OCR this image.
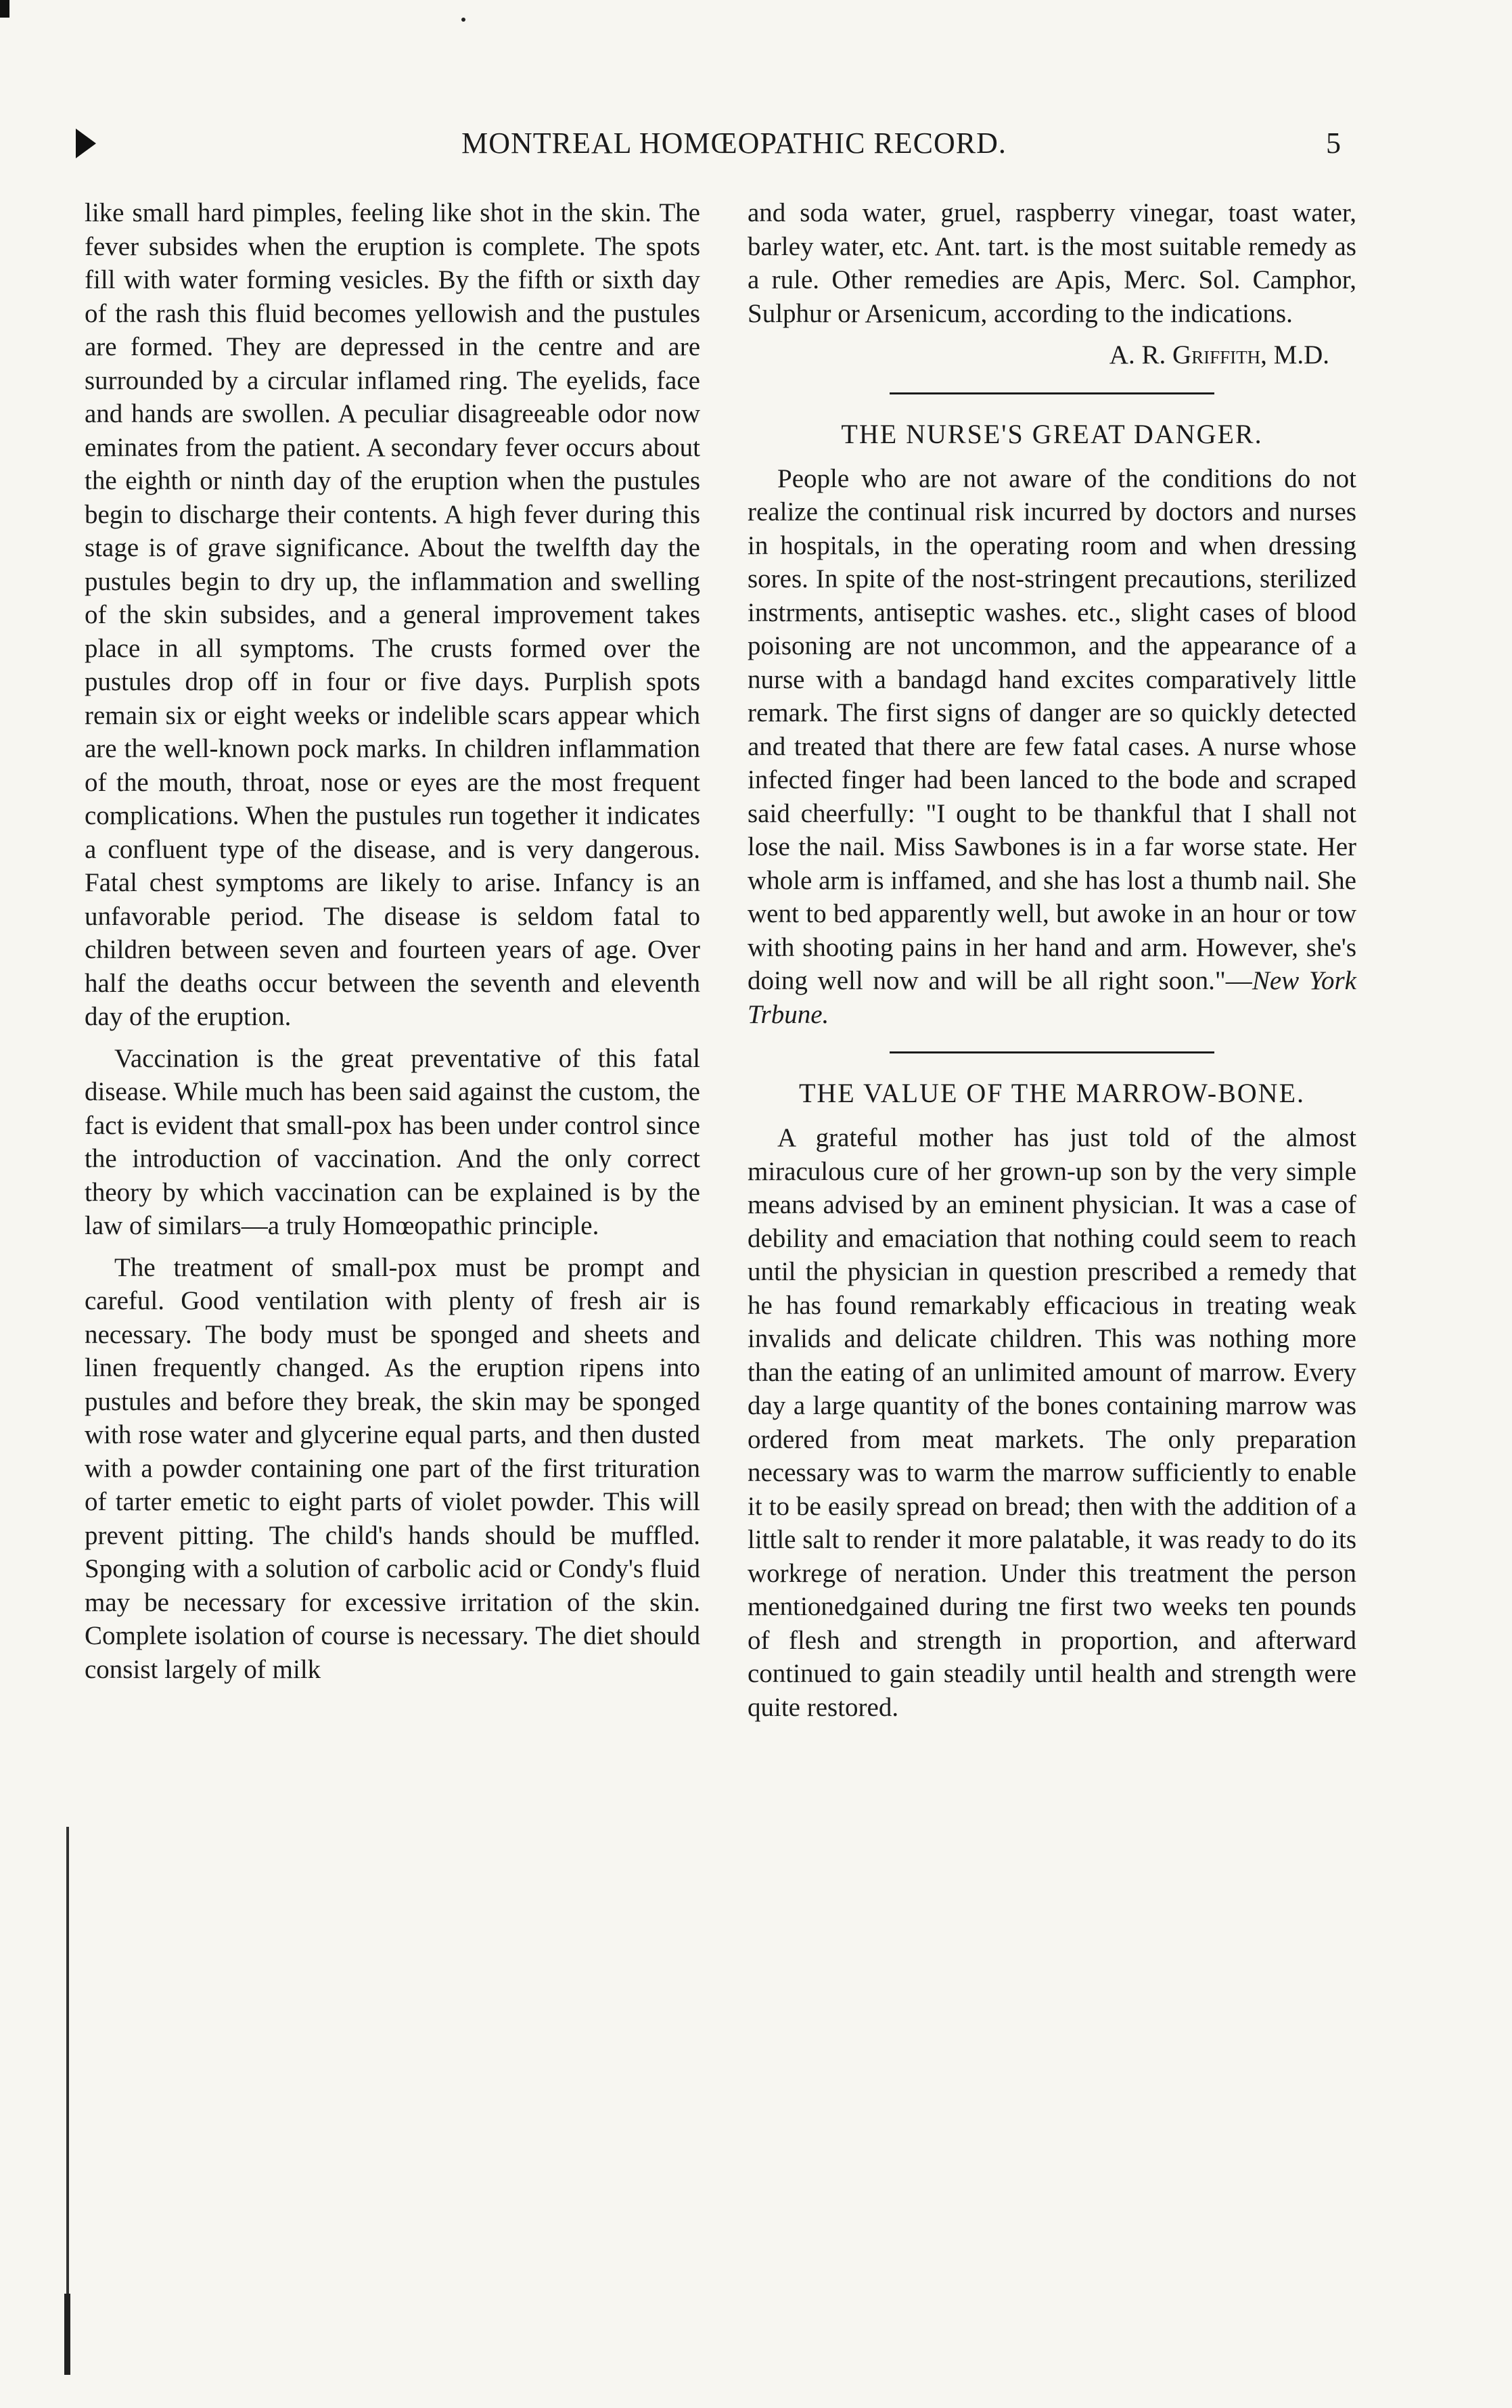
MONTREAL HOMŒOPATHIC RECORD.	5

like small hard pimples, feeling like shot in the skin. The fever subsides when the eruption is complete. The spots fill with water forming vesicles. By the fifth or sixth day of the rash this fluid becomes yellowish and the pustules are formed. They are depressed in the centre and are surrounded by a circular inflamed ring. The eyelids, face and hands are swollen. A peculiar disagreeable odor now eminates from the patient. A secondary fever occurs about the eighth or ninth day of the eruption when the pustules begin to discharge their contents. A high fever during this stage is of grave significance. About the twelfth day the pustules begin to dry up, the inflammation and swelling of the skin subsides, and a general improvement takes place in all symptoms. The crusts formed over the pustules drop off in four or five days. Purplish spots remain six or eight weeks or indelible scars appear which are the well-known pock marks. In children inflammation of the mouth, throat, nose or eyes are the most frequent complications. When the pustules run together it indicates a confluent type of the disease, and is very dangerous. Fatal chest symptoms are likely to arise. Infancy is an unfavorable period. The disease is seldom fatal to children between seven and fourteen years of age. Over half the deaths occur between the seventh and eleventh day of the eruption.

Vaccination is the great preventative of this fatal disease. While much has been said against the custom, the fact is evident that small-pox has been under control since the introduction of vaccination. And the only correct theory by which vaccination can be explained is by the law of similars—a truly Homœopathic principle.

The treatment of small-pox must be prompt and careful. Good ventilation with plenty of fresh air is necessary. The body must be sponged and sheets and linen frequently changed. As the eruption ripens into pustules and before they break, the skin may be sponged with rose water and glycerine equal parts, and then dusted with a powder containing one part of the first trituration of tarter emetic to eight parts of violet powder. This will prevent pitting. The child's hands should be muffled. Sponging with a solution of carbolic acid or Condy's fluid may be necessary for excessive irritation of the skin. Complete isolation of course is necessary. The diet should consist largely of milk

and soda water, gruel, raspberry vinegar, toast water, barley water, etc. Ant. tart. is the most suitable remedy as a rule. Other remedies are Apis, Merc. Sol. Camphor, Sulphur or Arsenicum, according to the indications.

A. R. Griffith, M.D.
THE NURSE'S GREAT DANGER.

People who are not aware of the conditions do not realize the continual risk incurred by doctors and nurses in hospitals, in the operating room and when dressing sores. In spite of the nost-stringent precautions, sterilized instrments, antiseptic washes. etc., slight cases of blood poisoning are not uncommon, and the appearance of a nurse with a bandagd hand excites comparatively little remark. The first signs of danger are so quickly detected and treated that there are few fatal cases. A nurse whose infected finger had been lanced to the bode and scraped said cheerfully: "I ought to be thankful that I shall not lose the nail. Miss Sawbones is in a far worse state. Her whole arm is inffamed, and she has lost a thumb nail. She went to bed apparently well, but awoke in an hour or tow with shooting pains in her hand and arm. However, she's doing well now and will be all right soon."—New York Trbune.

THE VALUE OF THE MARROW-BONE.

A grateful mother has just told of the almost miraculous cure of her grown-up son by the very simple means advised by an eminent physician. It was a case of debility and emaciation that nothing could seem to reach until the physician in question prescribed a remedy that he has found remarkably efficacious in treating weak invalids and delicate children. This was nothing more than the eating of an unlimited amount of marrow. Every day a large quantity of the bones containing marrow was ordered from meat markets. The only preparation necessary was to warm the marrow sufficiently to enable it to be easily spread on bread; then with the addition of a little salt to render it more palatable, it was ready to do its workrege of neration. Under this treatment the person mentionedgained during tne first two weeks ten pounds of flesh and strength in proportion, and afterward continued to gain steadily until health and strength were quite restored.
